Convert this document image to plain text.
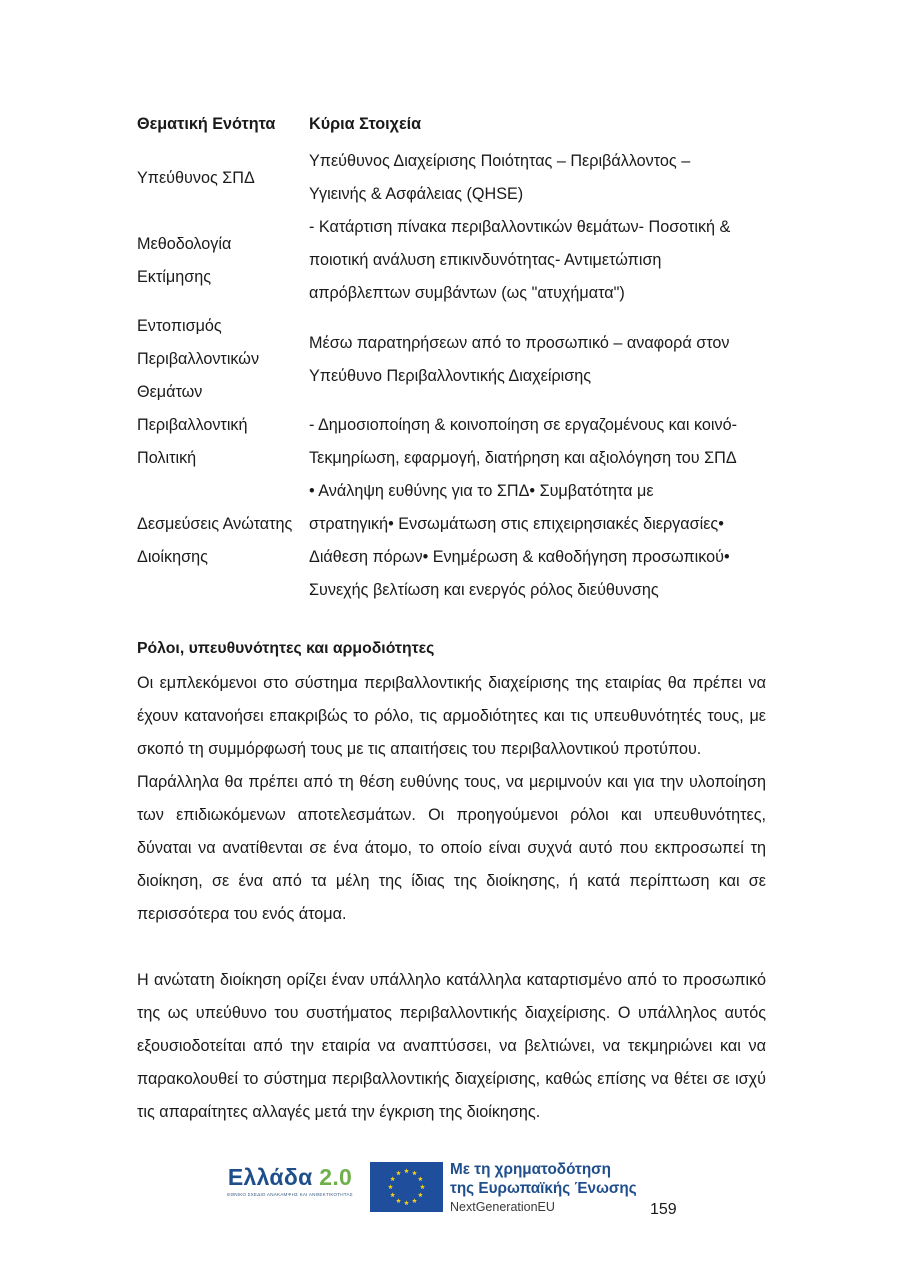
Θεματική Ενότητα	Κύρια Στοιχεία
Υπεύθυνος ΣΠΔ
Υπεύθυνος Διαχείρισης Ποιότητας – Περιβάλλοντος –
Υγιεινής & Ασφάλειας (QHSE)
Μεθοδολογία
Εκτίμησης
- Κατάρτιση πίνακα περιβαλλοντικών θεμάτων- Ποσοτική &
ποιοτική ανάλυση επικινδυνότητας- Αντιμετώπιση
απρόβλεπτων συμβάντων (ως "ατυχήματα")
Εντοπισμός
Περιβαλλοντικών
Θεμάτων
Μέσω παρατηρήσεων από το προσωπικό – αναφορά στον
Υπεύθυνο Περιβαλλοντικής Διαχείρισης
Περιβαλλοντική
Πολιτική
- Δημοσιοποίηση & κοινοποίηση σε εργαζομένους και κοινό-
Τεκμηρίωση, εφαρμογή, διατήρηση και αξιολόγηση του ΣΠΔ
Δεσμεύσεις Ανώτατης
Διοίκησης
• Ανάληψη ευθύνης για το ΣΠΔ• Συμβατότητα με
στρατηγική• Ενσωμάτωση στις επιχειρησιακές διεργασίες•
Διάθεση πόρων• Ενημέρωση & καθοδήγηση προσωπικού•
Συνεχής βελτίωση και ενεργός ρόλος διεύθυνσης
Ρόλοι, υπευθυνότητες και αρμοδιότητες

Οι εμπλεκόμενοι στο σύστημα περιβαλλοντικής διαχείρισης της εταιρίας θα πρέπει να έχουν κατανοήσει επακριβώς το ρόλο, τις αρμοδιότητες και τις υπευθυνότητές τους, με σκοπό τη συμμόρφωσή τους με τις απαιτήσεις του περιβαλλοντικού προτύπου.

Παράλληλα θα πρέπει από τη θέση ευθύνης τους, να μεριμνούν και για την υλοποίηση των επιδιωκόμενων αποτελεσμάτων. Οι προηγούμενοι ρόλοι και υπευθυνότητες, δύναται να ανατίθενται σε ένα άτομο, το οποίο είναι συχνά αυτό που εκπροσωπεί τη διοίκηση, σε ένα από τα μέλη της ίδιας της διοίκησης, ή κατά περίπτωση και σε περισσότερα του ενός άτομα.

Η ανώτατη διοίκηση ορίζει έναν υπάλληλο κατάλληλα καταρτισμένο από το προσωπικό της ως υπεύθυνο του συστήματος περιβαλλοντικής διαχείρισης. Ο υπάλληλος αυτός εξουσιοδοτείται από την εταιρία να αναπτύσσει, να βελτιώνει, να τεκμηριώνει και να παρακολουθεί το σύστημα περιβαλλοντικής διαχείρισης, καθώς επίσης να θέτει σε ισχύ τις απαραίτητες αλλαγές μετά την έγκριση της διοίκησης.

Ελλάδα 2.0
ΕΘΝΙΚΟ ΣΧΕΔΙΟ ΑΝΑΚΑΜΨΗΣ ΚΑΙ ΑΝΘΕΚΤΙΚΟΤΗΤΑΣ
Με τη χρηματοδότηση
της Ευρωπαϊκής Ένωσης
NextGenerationEU	159
